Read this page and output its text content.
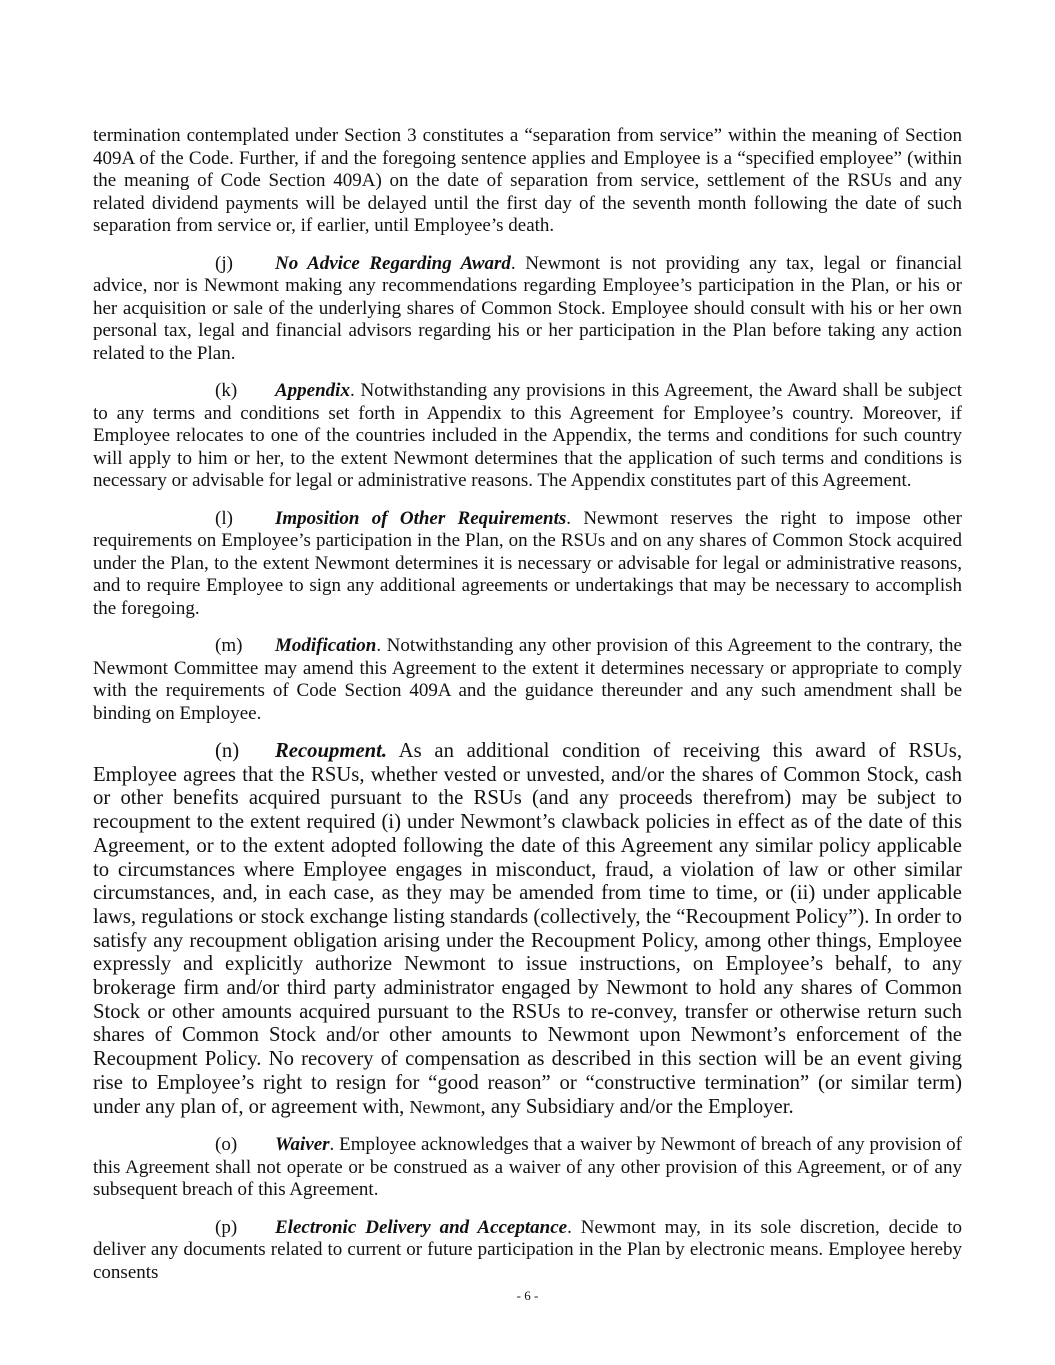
termination contemplated under Section 3 constitutes a “separation from service” within the meaning of Section 409A of the Code. Further, if and the foregoing sentence applies and Employee is a “specified employee” (within the meaning of Code Section 409A) on the date of separation from service, settlement of the RSUs and any related dividend payments will be delayed until the first day of the seventh month following the date of such separation from service or, if earlier, until Employee’s death.

(j) No Advice Regarding Award. Newmont is not providing any tax, legal or financial advice, nor is Newmont making any recommendations regarding Employee’s participation in the Plan, or his or her acquisition or sale of the underlying shares of Common Stock. Employee should consult with his or her own personal tax, legal and financial advisors regarding his or her participation in the Plan before taking any action related to the Plan.

(k) Appendix. Notwithstanding any provisions in this Agreement, the Award shall be subject to any terms and conditions set forth in Appendix to this Agreement for Employee’s country. Moreover, if Employee relocates to one of the countries included in the Appendix, the terms and conditions for such country will apply to him or her, to the extent Newmont determines that the application of such terms and conditions is necessary or advisable for legal or administrative reasons. The Appendix constitutes part of this Agreement.

(l) Imposition of Other Requirements. Newmont reserves the right to impose other requirements on Employee’s participation in the Plan, on the RSUs and on any shares of Common Stock acquired under the Plan, to the extent Newmont determines it is necessary or advisable for legal or administrative reasons, and to require Employee to sign any additional agreements or undertakings that may be necessary to accomplish the foregoing.

(m) Modification. Notwithstanding any other provision of this Agreement to the contrary, the Newmont Committee may amend this Agreement to the extent it determines necessary or appropriate to comply with the requirements of Code Section 409A and the guidance thereunder and any such amendment shall be binding on Employee.

(n) Recoupment. As an additional condition of receiving this award of RSUs, Employee agrees that the RSUs, whether vested or unvested, and/or the shares of Common Stock, cash or other benefits acquired pursuant to the RSUs (and any proceeds therefrom) may be subject to recoupment to the extent required (i) under Newmont’s clawback policies in effect as of the date of this Agreement, or to the extent adopted following the date of this Agreement any similar policy applicable to circumstances where Employee engages in misconduct, fraud, a violation of law or other similar circumstances, and, in each case, as they may be amended from time to time, or (ii) under applicable laws, regulations or stock exchange listing standards (collectively, the “Recoupment Policy”). In order to satisfy any recoupment obligation arising under the Recoupment Policy, among other things, Employee expressly and explicitly authorize Newmont to issue instructions, on Employee’s behalf, to any brokerage firm and/or third party administrator engaged by Newmont to hold any shares of Common Stock or other amounts acquired pursuant to the RSUs to re-convey, transfer or otherwise return such shares of Common Stock and/or other amounts to Newmont upon Newmont’s enforcement of the Recoupment Policy. No recovery of compensation as described in this section will be an event giving rise to Employee’s right to resign for “good reason” or “constructive termination” (or similar term) under any plan of, or agreement with, Newmont, any Subsidiary and/or the Employer.

(o) Waiver. Employee acknowledges that a waiver by Newmont of breach of any provision of this Agreement shall not operate or be construed as a waiver of any other provision of this Agreement, or of any subsequent breach of this Agreement.

(p) Electronic Delivery and Acceptance. Newmont may, in its sole discretion, decide to deliver any documents related to current or future participation in the Plan by electronic means. Employee hereby consents

- 6 -
